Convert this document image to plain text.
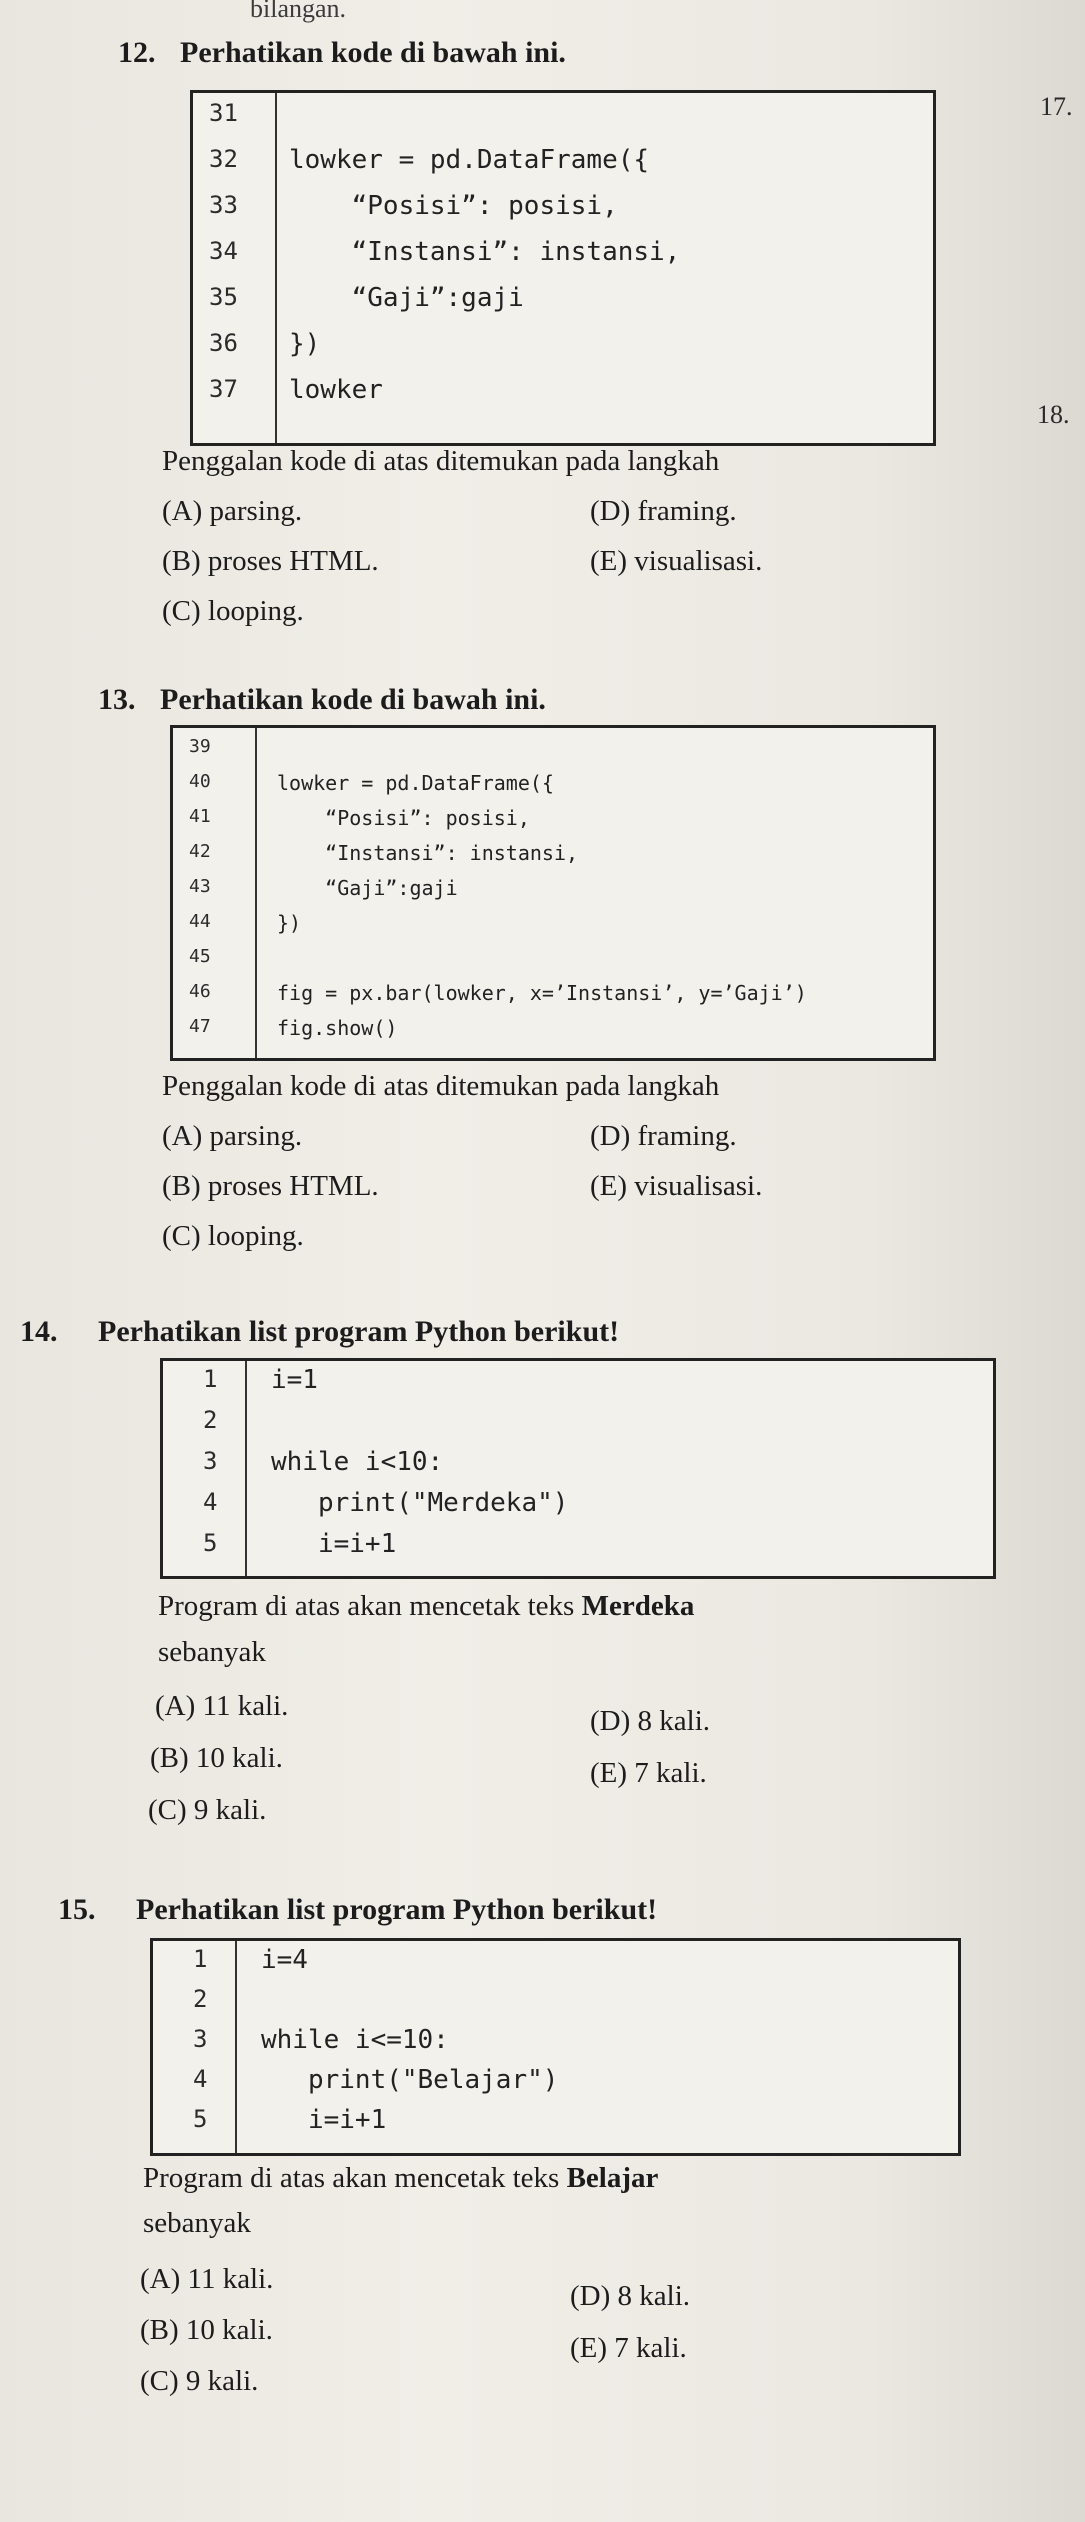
bilangan.
17.
18.
12. Perhatikan kode di bawah ini.
31
32	lowker = pd.DataFrame({
33	“Posisi”: posisi,
34	“Instansi”: instansi,
35	“Gaji”:gaji
36	})
37	lowker
Penggalan kode di atas ditemukan pada langkah
(A) parsing.	(D) framing.
(B) proses HTML.	(E) visualisasi.
(C) looping.
13. Perhatikan kode di bawah ini.
39
40	lowker = pd.DataFrame({
41	“Posisi”: posisi,
42	“Instansi”: instansi,
43	“Gaji”:gaji
44	})
45
46	fig = px.bar(lowker, x=’Instansi’, y=’Gaji’)
47	fig.show()
Penggalan kode di atas ditemukan pada langkah
(A) parsing.	(D) framing.
(B) proses HTML.	(E) visualisasi.
(C) looping.
14. Perhatikan list program Python berikut!
1	i=1
2
3	while i<10:
4	print("Merdeka")
5	i=i+1
Program di atas akan mencetak teks Merdeka
sebanyak
(A) 11 kali.	(D) 8 kali.
(B) 10 kali.	(E) 7 kali.
(C) 9 kali.
15. Perhatikan list program Python berikut!
1	i=4
2
3	while i<=10:
4	print("Belajar")
5	i=i+1
Program di atas akan mencetak teks Belajar
sebanyak
(A) 11 kali.
(D) 8 kali.
(B) 10 kali.
(E) 7 kali.
(C) 9 kali.
